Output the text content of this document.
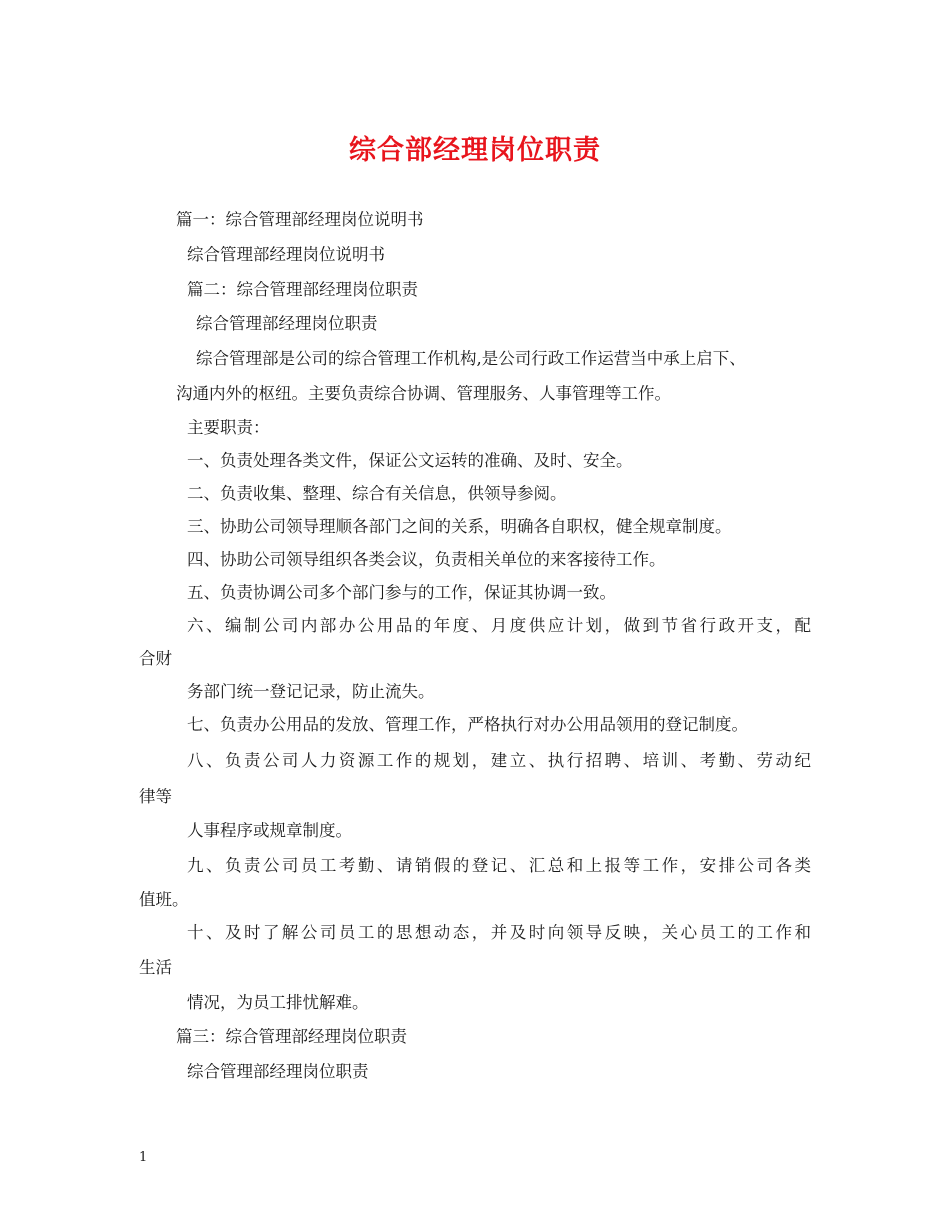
综合部经理岗位职责
篇一：综合管理部经理岗位说明书
综合管理部经理岗位说明书
篇二：综合管理部经理岗位职责
综合管理部经理岗位职责
综合管理部是公司的综合管理工作机构,是公司行政工作运营当中承上启下、
沟通内外的枢纽。主要负责综合协调、管理服务、人事管理等工作。
主要职责：
一、负责处理各类文件，保证公文运转的准确、及时、安全。
二、负责收集、整理、综合有关信息，供领导参阅。
三、协助公司领导理顺各部门之间的关系，明确各自职权，健全规章制度。
四、协助公司领导组织各类会议，负责相关单位的来客接待工作。
五、负责协调公司多个部门参与的工作，保证其协调一致。
六、编制公司内部办公用品的年度、月度供应计划，做到节省行政开支，配
合财
务部门统一登记记录，防止流失。
七、负责办公用品的发放、管理工作，严格执行对办公用品领用的登记制度。
八、负责公司人力资源工作的规划，建立、执行招聘、培训、考勤、劳动纪
律等
人事程序或规章制度。
九、负责公司员工考勤、请销假的登记、汇总和上报等工作，安排公司各类
值班。
十、及时了解公司员工的思想动态，并及时向领导反映，关心员工的工作和
生活
情况，为员工排忧解难。
篇三：综合管理部经理岗位职责
综合管理部经理岗位职责
1
